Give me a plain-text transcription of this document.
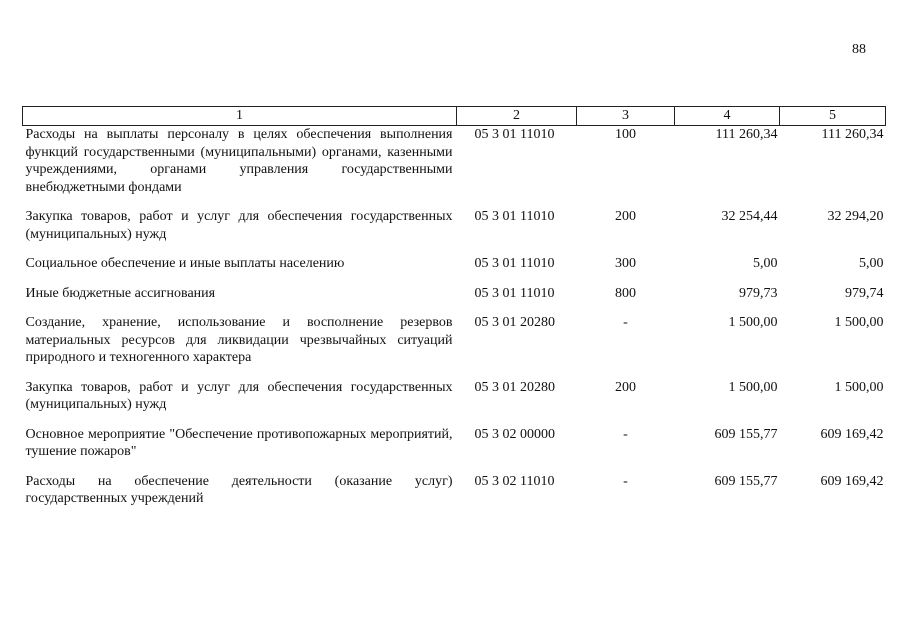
88
1	2	3	4	5
Расходы на выплаты персоналу в целях обеспечения выполнения функций государственными (муниципальными) органами, казенными учреждениями, органами управления государственными внебюджетными фондами	05 3 01 11010	100	111 260,34	111 260,34
Закупка товаров, работ и услуг для обеспечения государственных (муниципальных) нужд	05 3 01 11010	200	32 254,44	32 294,20
Социальное обеспечение и иные выплаты населению	05 3 01 11010	300	5,00	5,00
Иные бюджетные ассигнования	05 3 01 11010	800	979,73	979,74
Создание, хранение, использование и восполнение резервов материальных ресурсов для ликвидации чрезвычайных ситуаций природного и техногенного характера	05 3 01 20280	-	1 500,00	1 500,00
Закупка товаров, работ и услуг для обеспечения государственных (муниципальных) нужд	05 3 01 20280	200	1 500,00	1 500,00
Основное мероприятие "Обеспечение противопожарных мероприятий, тушение пожаров"	05 3 02 00000	-	609 155,77	609 169,42
Расходы на обеспечение деятельности (оказание услуг) государственных учреждений	05 3 02 11010	-	609 155,77	609 169,42
